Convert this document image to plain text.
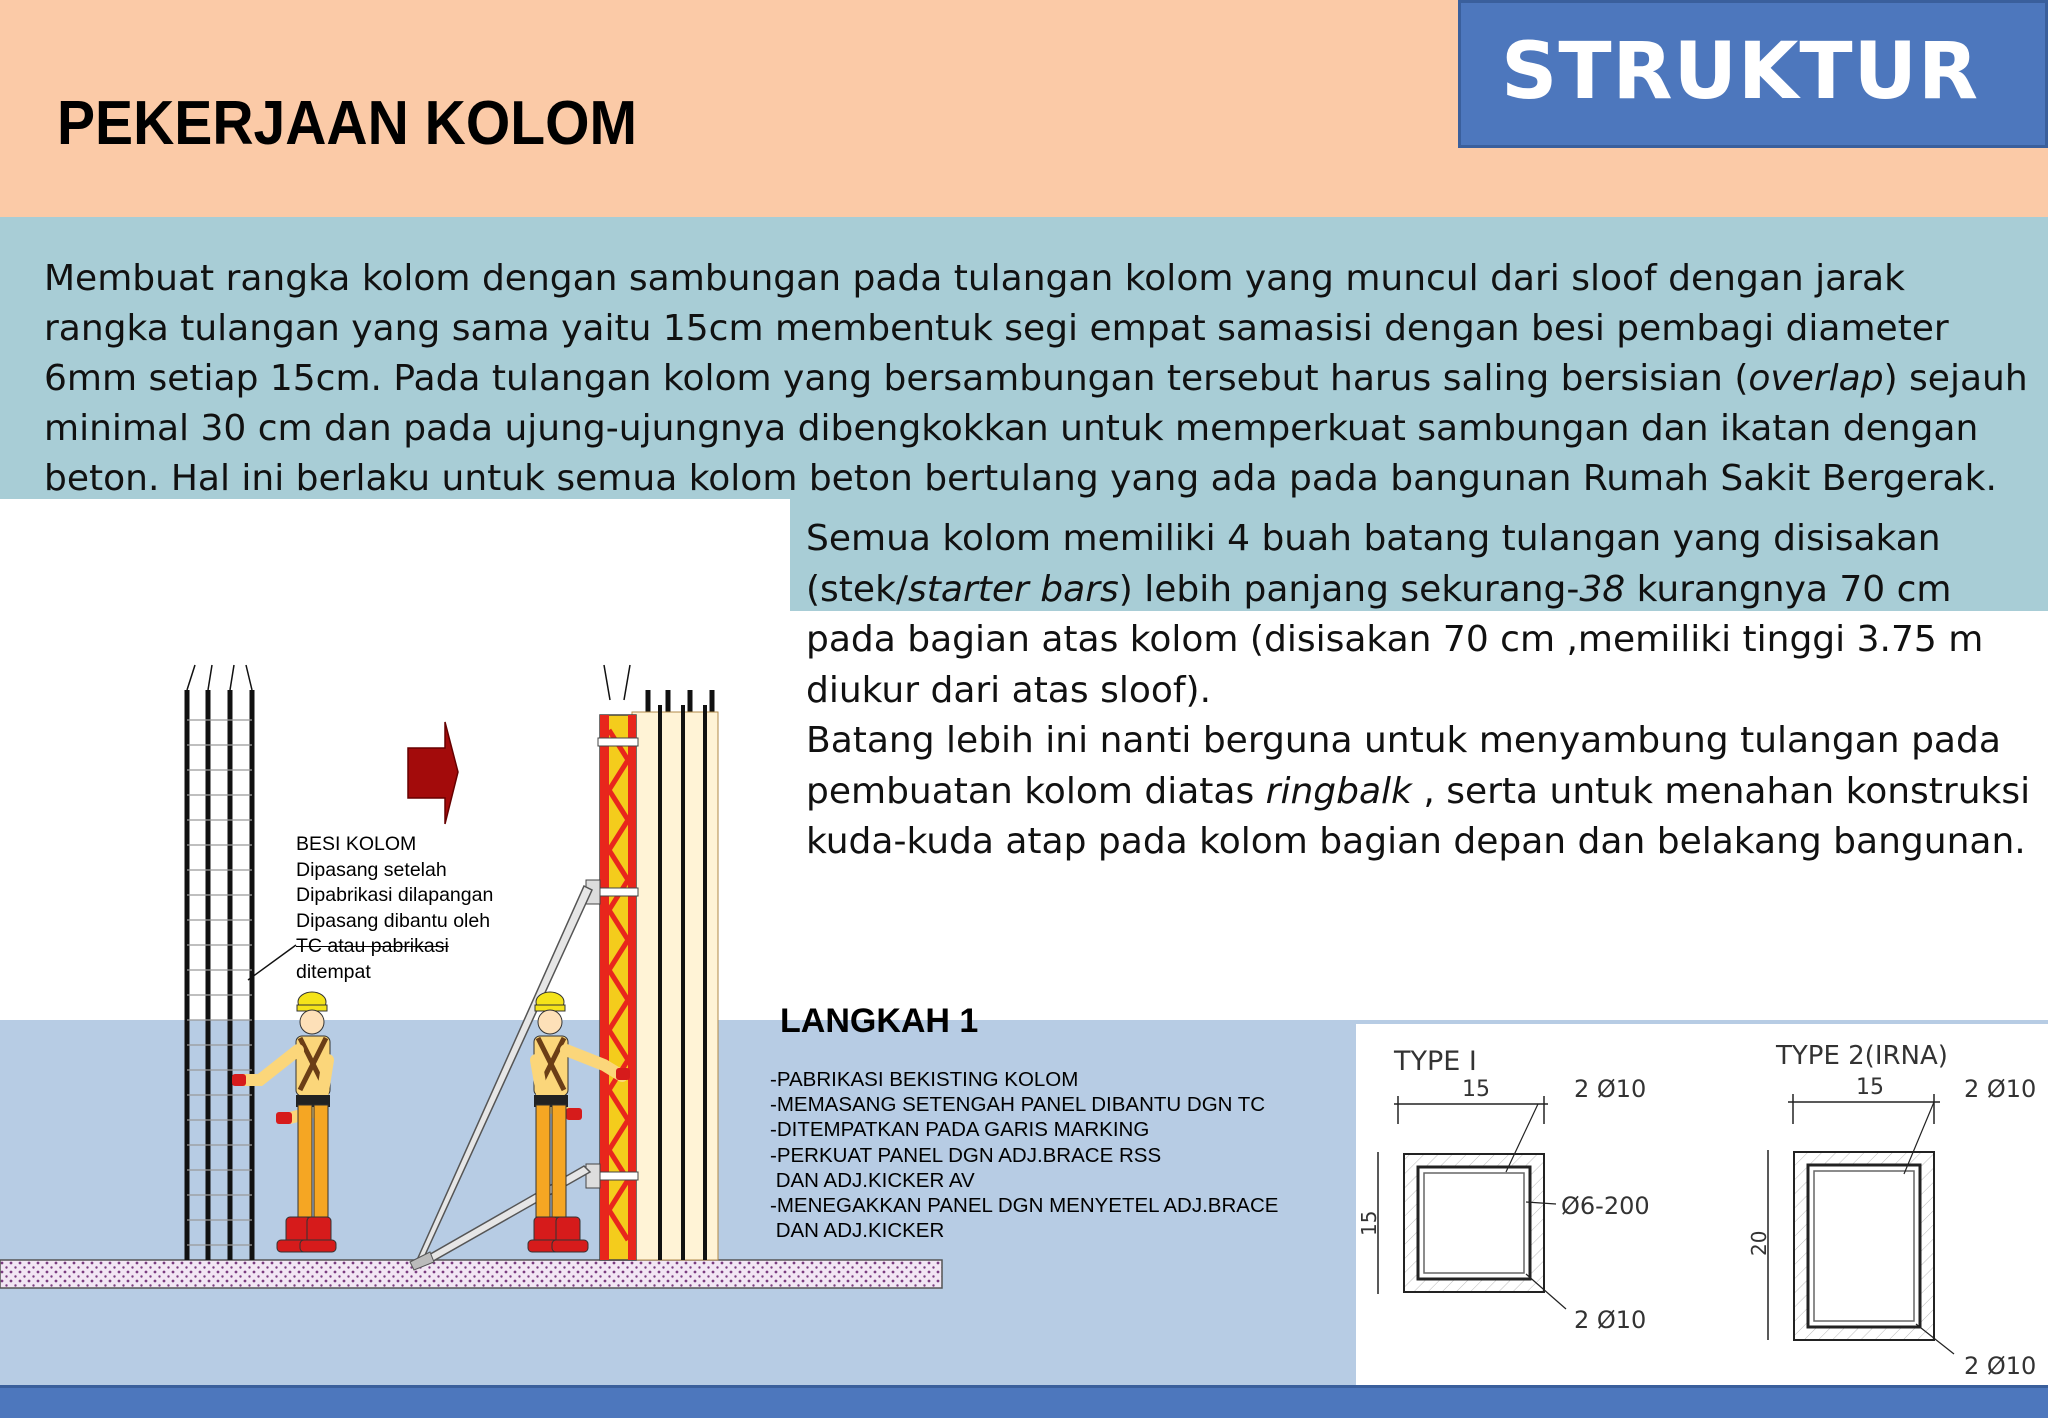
STRUKTUR
PEKERJAAN KOLOM
Membuat rangka kolom dengan sambungan pada tulangan kolom yang muncul dari sloof dengan jarak rangka tulangan yang sama yaitu 15cm membentuk segi empat samasisi dengan besi pembagi diameter 6mm setiap 15cm. Pada tulangan kolom yang bersambungan tersebut harus saling bersisian (overlap) sejauh minimal 30 cm dan pada ujung-ujungnya dibengkokkan untuk memperkuat sambungan dan ikatan dengan beton. Hal ini berlaku untuk semua kolom beton bertulang yang ada pada bangunan Rumah Sakit Bergerak.
Semua kolom memiliki 4 buah batang tulangan yang disisakan (stek/starter bars) lebih panjang sekurang-38 kurangnya 70 cm pada bagian atas kolom (disisakan 70 cm ,memiliki tinggi 3.75 m diukur dari atas sloof).
Batang lebih ini nanti berguna untuk menyambung tulangan pada pembuatan kolom diatas ringbalk , serta untuk menahan konstruksi kuda-kuda atap pada kolom bagian depan dan belakang bangunan.
BESI KOLOM
Dipasang setelah
Dipabrikasi dilapangan
Dipasang dibantu oleh
TC atau pabrikasi
ditempat
LANGKAH 1
-PABRIKASI BEKISTING KOLOM
-MEMASANG SETENGAH PANEL DIBANTU DGN TC
-DITEMPATKAN PADA GARIS MARKING
-PERKUAT PANEL DGN ADJ.BRACE RSS
DAN ADJ.KICKER AV
-MENEGAKKAN PANEL DGN MENYETEL ADJ.BRACE
DAN ADJ.KICKER
TYPE I
15	2 Ø10
15
Ø6-200
2 Ø10
TYPE 2(IRNA)
15	2 Ø10
20
2 Ø10
